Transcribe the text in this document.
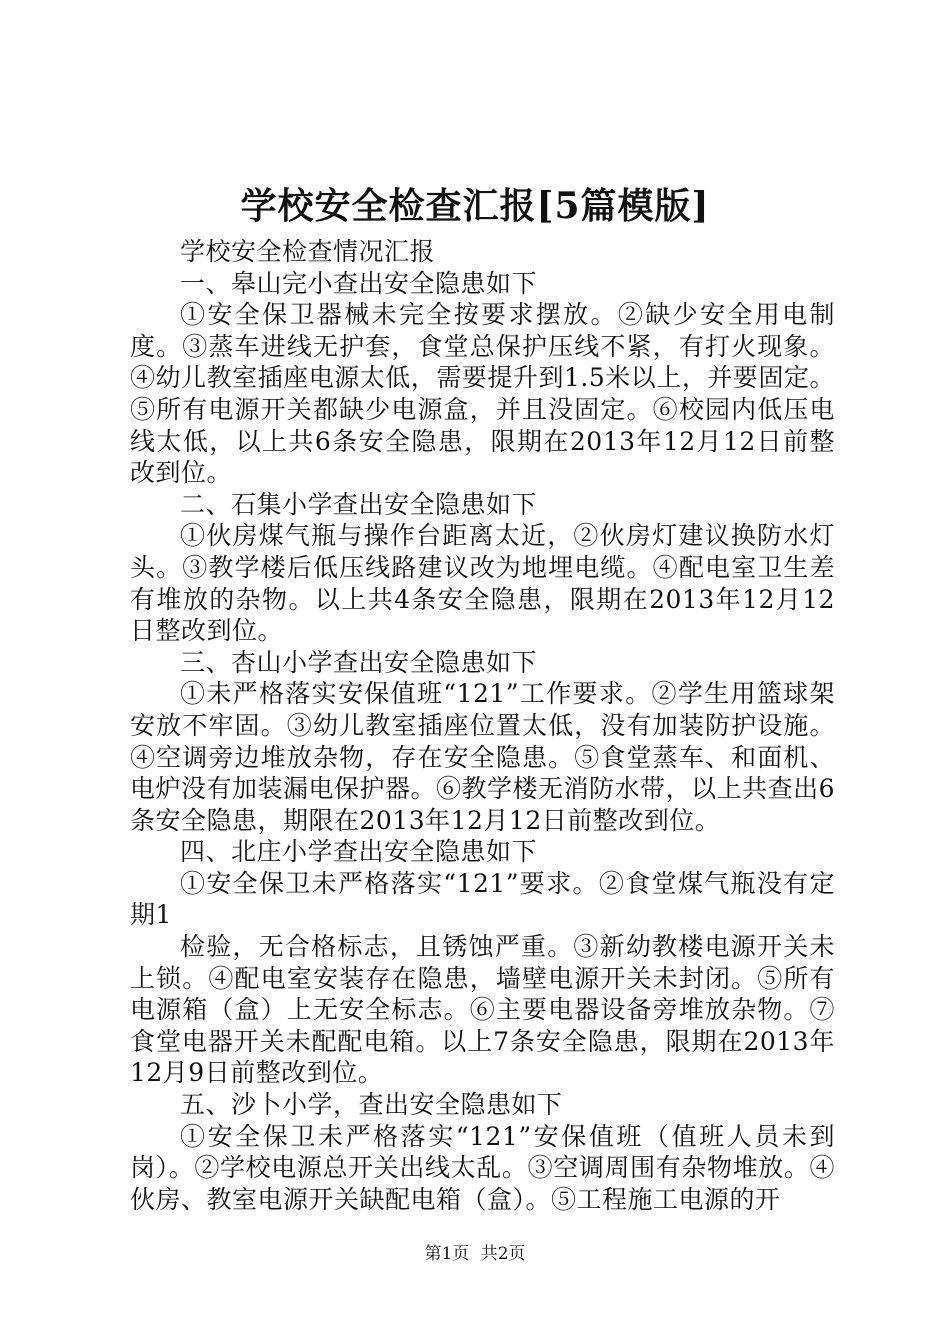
学校安全检查汇报[5篇模版]

学校安全检查情况汇报

一、皋山完小查出安全隐患如下

①安全保卫器械未完全按要求摆放。②缺少安全用电制度。③蒸车进线无护套，食堂总保护压线不紧，有打火现象。④幼儿教室插座电源太低，需要提升到1.5米以上，并要固定。⑤所有电源开关都缺少电源盒，并且没固定。⑥校园内低压电线太低，以上共6条安全隐患，限期在2013年12月12日前整改到位。

二、石集小学查出安全隐患如下

①伙房煤气瓶与操作台距离太近，②伙房灯建议换防水灯头。③教学楼后低压线路建议改为地埋电缆。④配电室卫生差有堆放的杂物。以上共4条安全隐患，限期在2013年12月12日整改到位。

三、杏山小学查出安全隐患如下

①未严格落实安保值班“121”工作要求。②学生用篮球架安放不牢固。③幼儿教室插座位置太低，没有加装防护设施。④空调旁边堆放杂物，存在安全隐患。⑤食堂蒸车、和面机、电炉没有加装漏电保护器。⑥教学楼无消防水带，以上共查出6条安全隐患，期限在2013年12月12日前整改到位。

四、北庄小学查出安全隐患如下

①安全保卫未严格落实“121”要求。②食堂煤气瓶没有定期1

检验，无合格标志，且锈蚀严重。③新幼教楼电源开关未上锁。④配电室安装存在隐患，墙壁电源开关未封闭。⑤所有电源箱（盒）上无安全标志。⑥主要电器设备旁堆放杂物。⑦食堂电器开关未配配电箱。以上7条安全隐患，限期在2013年12月9日前整改到位。

五、沙卜小学，查出安全隐患如下

①安全保卫未严格落实“121”安保值班（值班人员未到岗）。②学校电源总开关出线太乱。③空调周围有杂物堆放。④伙房、教室电源开关缺配电箱（盒）。⑤工程施工电源的开

第1页 共2页
